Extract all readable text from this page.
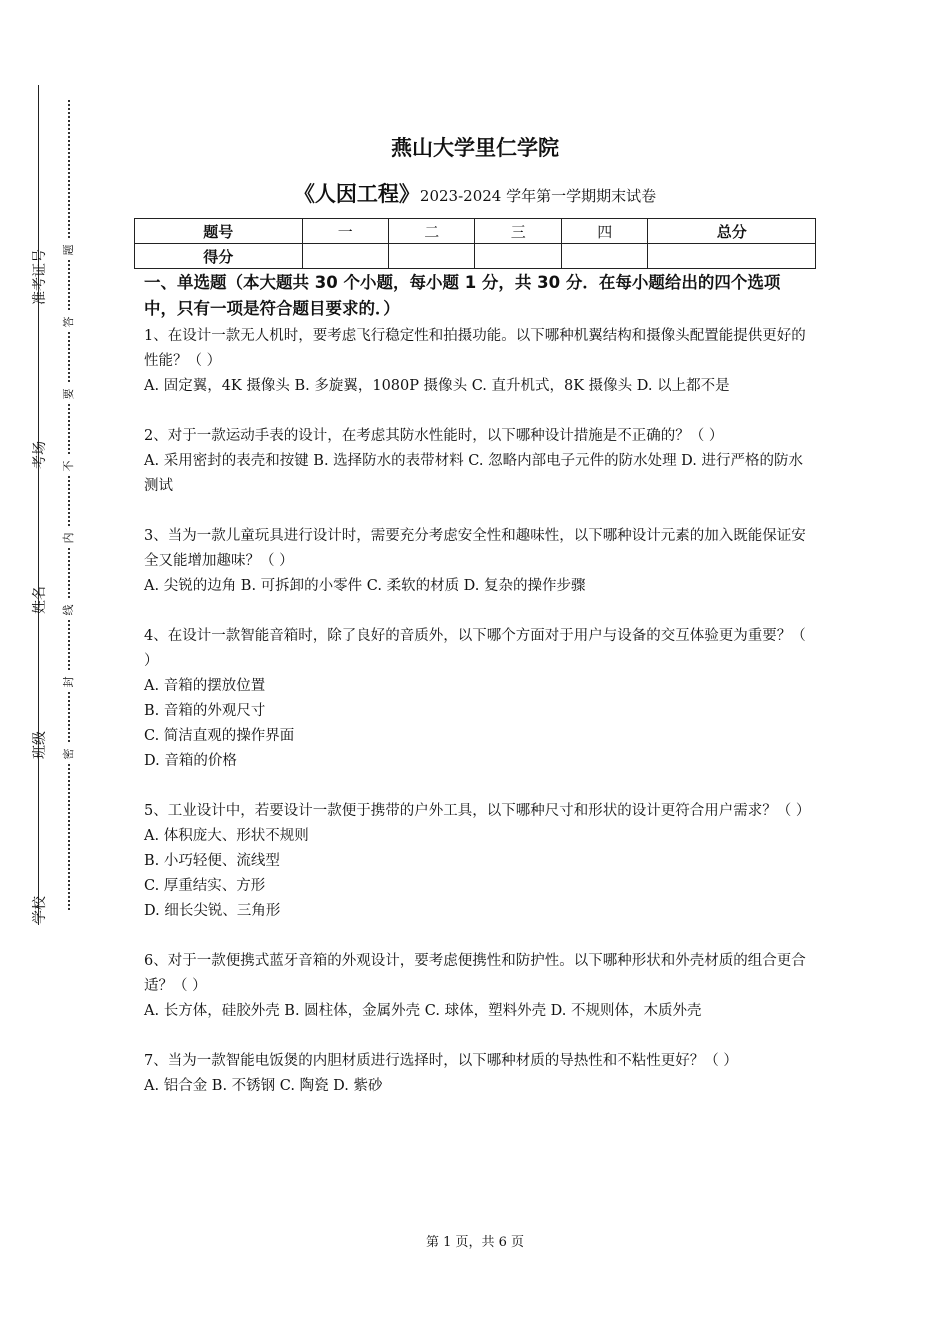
准考证号
考场
姓名
班级
学校
题
答
要
不
内
线
封
密
燕山大学里仁学院
《人因工程》2023-2024 学年第一学期期末试卷
题号	一	二	三	四	总分
得分					
一、单选题（本大题共 30 个小题，每小题 1 分，共 30 分．在每小题给出的四个选项中，只有一项是符合题目要求的．）

1、在设计一款无人机时，要考虑飞行稳定性和拍摄功能。以下哪种机翼结构和摄像头配置能提供更好的性能？（ ）

A. 固定翼，4K 摄像头 B. 多旋翼，1080P 摄像头 C. 直升机式，8K 摄像头 D. 以上都不是

2、对于一款运动手表的设计，在考虑其防水性能时，以下哪种设计措施是不正确的？（ ）

A. 采用密封的表壳和按键 B. 选择防水的表带材料 C. 忽略内部电子元件的防水处理 D. 进行严格的防水测试

3、当为一款儿童玩具进行设计时，需要充分考虑安全性和趣味性，以下哪种设计元素的加入既能保证安全又能增加趣味？（ ）

A. 尖锐的边角 B. 可拆卸的小零件 C. 柔软的材质 D. 复杂的操作步骤

4、在设计一款智能音箱时，除了良好的音质外，以下哪个方面对于用户与设备的交互体验更为重要？（ ）

A. 音箱的摆放位置

B. 音箱的外观尺寸

C. 简洁直观的操作界面

D. 音箱的价格

5、工业设计中，若要设计一款便于携带的户外工具，以下哪种尺寸和形状的设计更符合用户需求？（ ）

A. 体积庞大、形状不规则

B. 小巧轻便、流线型

C. 厚重结实、方形

D. 细长尖锐、三角形

6、对于一款便携式蓝牙音箱的外观设计，要考虑便携性和防护性。以下哪种形状和外壳材质的组合更合适？（ ）

A. 长方体，硅胶外壳 B. 圆柱体，金属外壳 C. 球体，塑料外壳 D. 不规则体，木质外壳

7、当为一款智能电饭煲的内胆材质进行选择时，以下哪种材质的导热性和不粘性更好？（ ）

A. 铝合金 B. 不锈钢 C. 陶瓷 D. 紫砂

第 1 页，共 6 页
